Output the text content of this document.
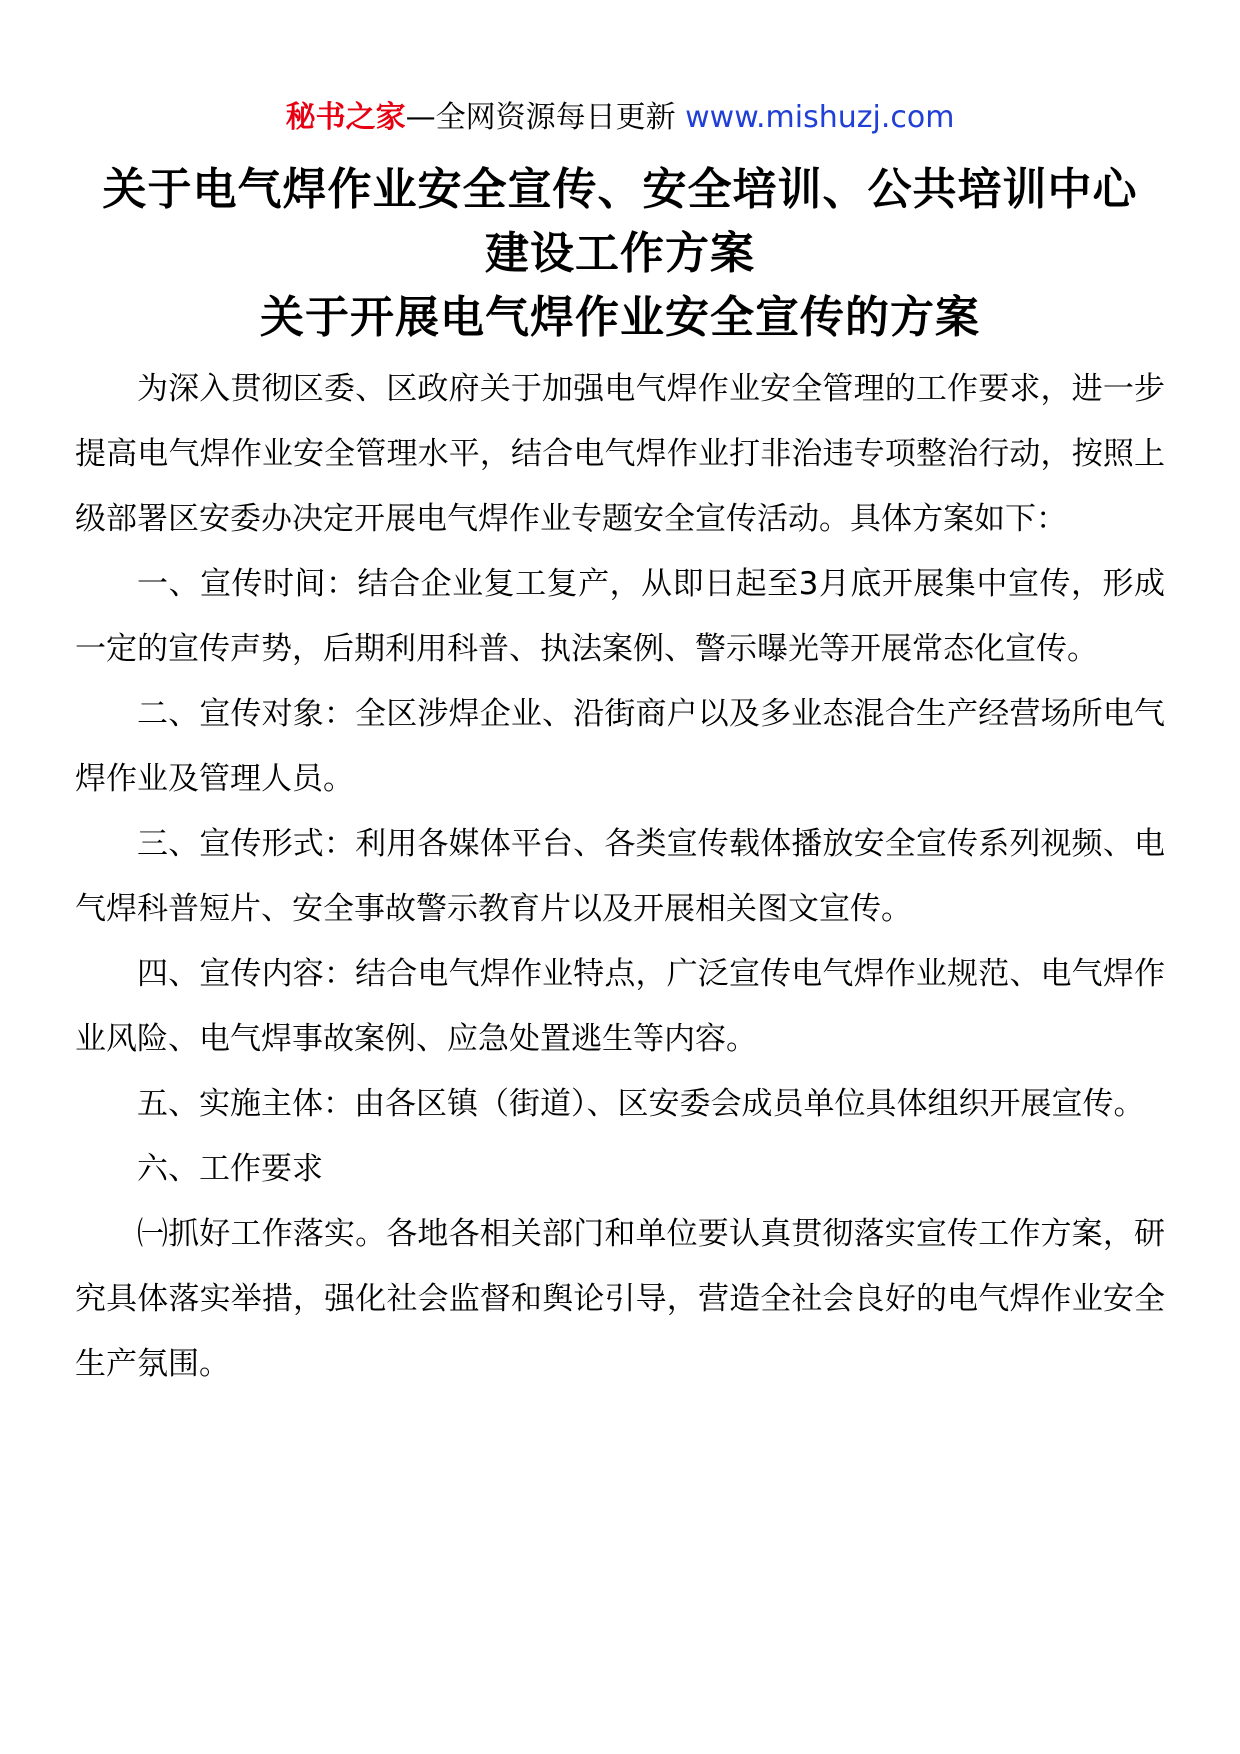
秘书之家—全网资源每日更新 www.mishuzj.com
关于电气焊作业安全宣传、安全培训、公共培训中心
建设工作方案
关于开展电气焊作业安全宣传的方案

为深入贯彻区委、区政府关于加强电气焊作业安全管理的工作要求，进一步提高电气焊作业安全管理水平，结合电气焊作业打非治违专项整治行动，按照上级部署区安委办决定开展电气焊作业专题安全宣传活动。具体方案如下：

一、宣传时间：结合企业复工复产，从即日起至3月底开展集中宣传，形成一定的宣传声势，后期利用科普、执法案例、警示曝光等开展常态化宣传。

二、宣传对象：全区涉焊企业、沿街商户以及多业态混合生产经营场所电气焊作业及管理人员。

三、宣传形式：利用各媒体平台、各类宣传载体播放安全宣传系列视频、电气焊科普短片、安全事故警示教育片以及开展相关图文宣传。

四、宣传内容：结合电气焊作业特点，广泛宣传电气焊作业规范、电气焊作业风险、电气焊事故案例、应急处置逃生等内容。

五、实施主体：由各区镇（街道）、区安委会成员单位具体组织开展宣传。

六、工作要求

㈠抓好工作落实。各地各相关部门和单位要认真贯彻落实宣传工作方案，研究具体落实举措，强化社会监督和舆论引导，营造全社会良好的电气焊作业安全生产氛围。
